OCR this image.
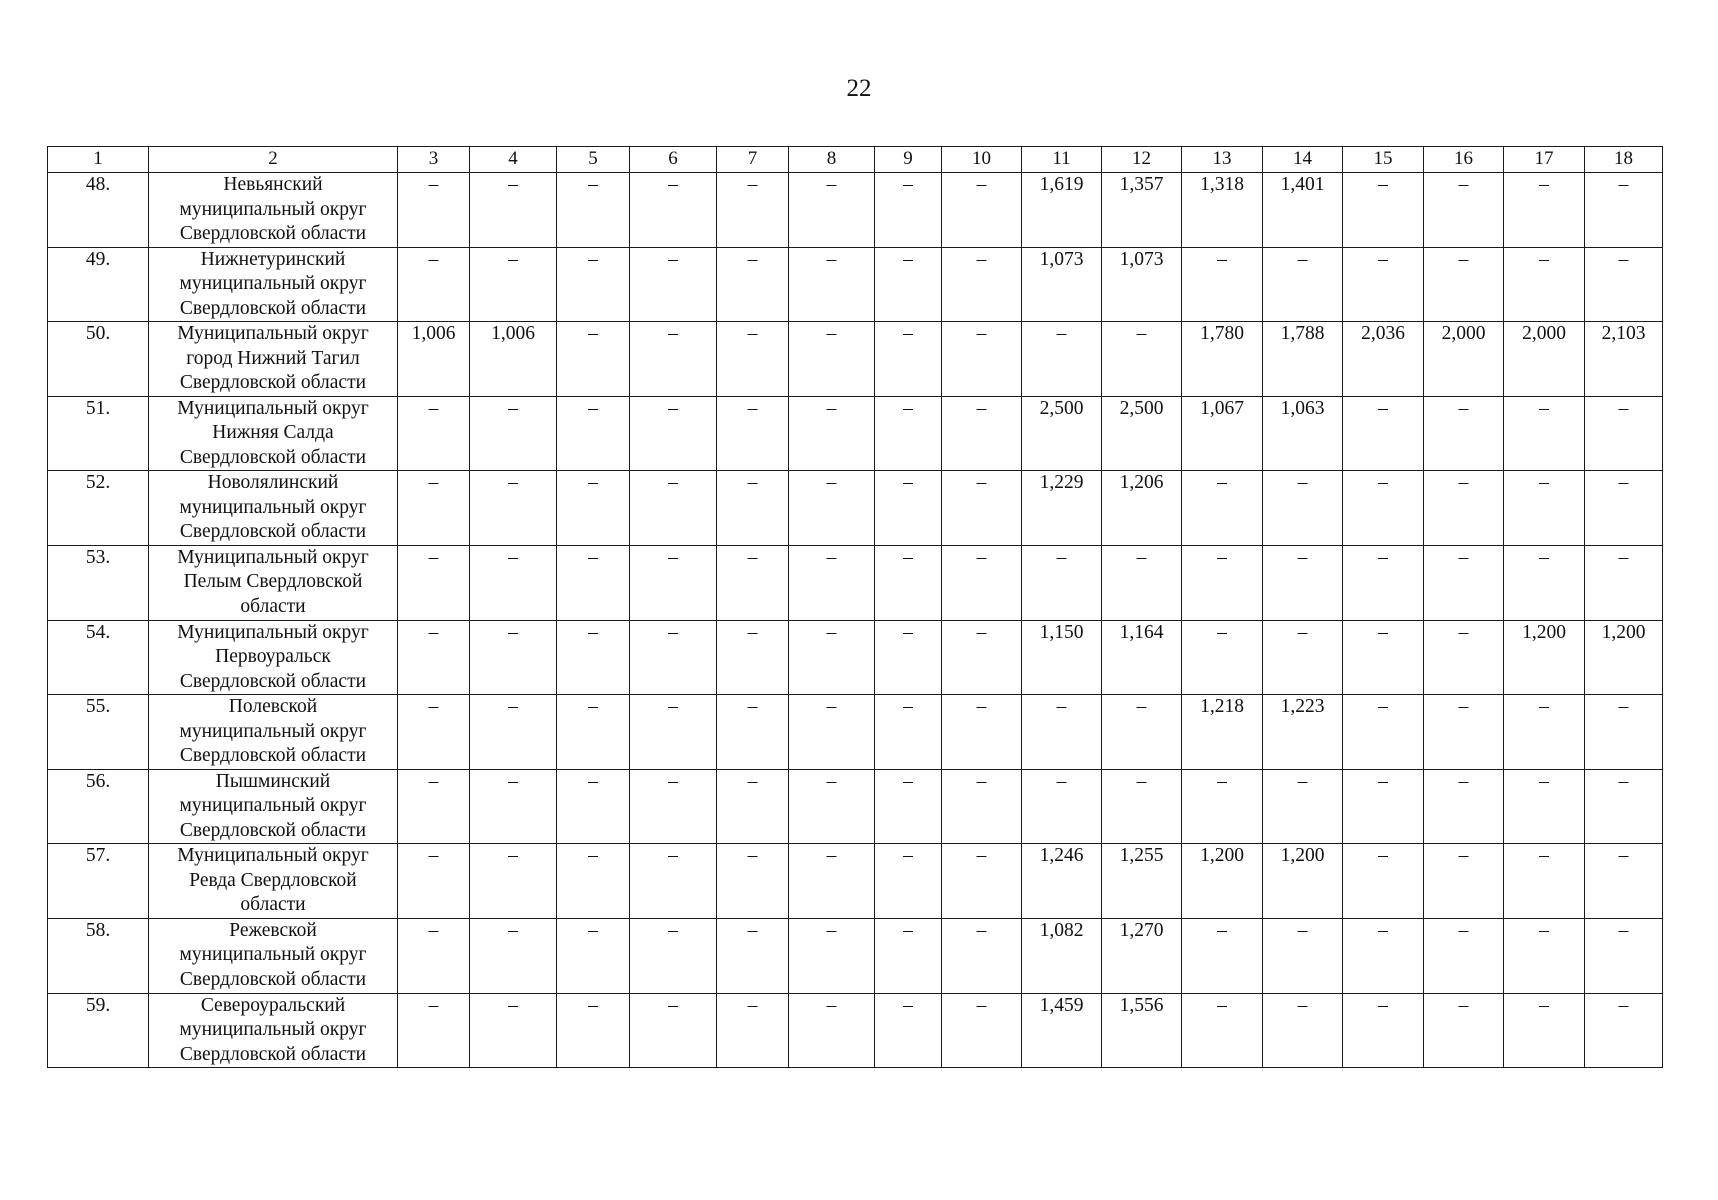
22
1	2	3	4	5	6	7	8	9	10	11	12	13	14	15	16	17	18
48.	Невьянский
муниципальный округ
Свердловской области	–	–	–	–	–	–	–	–	1,619	1,357	1,318	1,401	–	–	–	–
49.	Нижнетуринский
муниципальный округ
Свердловской области	–	–	–	–	–	–	–	–	1,073	1,073	–	–	–	–	–	–
50.	Муниципальный округ
город Нижний Тагил
Свердловской области	1,006	1,006	–	–	–	–	–	–	–	–	1,780	1,788	2,036	2,000	2,000	2,103
51.	Муниципальный округ
Нижняя Салда
Свердловской области	–	–	–	–	–	–	–	–	2,500	2,500	1,067	1,063	–	–	–	–
52.	Новолялинский
муниципальный округ
Свердловской области	–	–	–	–	–	–	–	–	1,229	1,206	–	–	–	–	–	–
53.	Муниципальный округ
Пелым Свердловской
области	–	–	–	–	–	–	–	–	–	–	–	–	–	–	–	–
54.	Муниципальный округ
Первоуральск
Свердловской области	–	–	–	–	–	–	–	–	1,150	1,164	–	–	–	–	1,200	1,200
55.	Полевской
муниципальный округ
Свердловской области	–	–	–	–	–	–	–	–	–	–	1,218	1,223	–	–	–	–
56.	Пышминский
муниципальный округ
Свердловской области	–	–	–	–	–	–	–	–	–	–	–	–	–	–	–	–
57.	Муниципальный округ
Ревда Свердловской
области	–	–	–	–	–	–	–	–	1,246	1,255	1,200	1,200	–	–	–	–
58.	Режевской
муниципальный округ
Свердловской области	–	–	–	–	–	–	–	–	1,082	1,270	–	–	–	–	–	–
59.	Североуральский
муниципальный округ
Свердловской области	–	–	–	–	–	–	–	–	1,459	1,556	–	–	–	–	–	–
